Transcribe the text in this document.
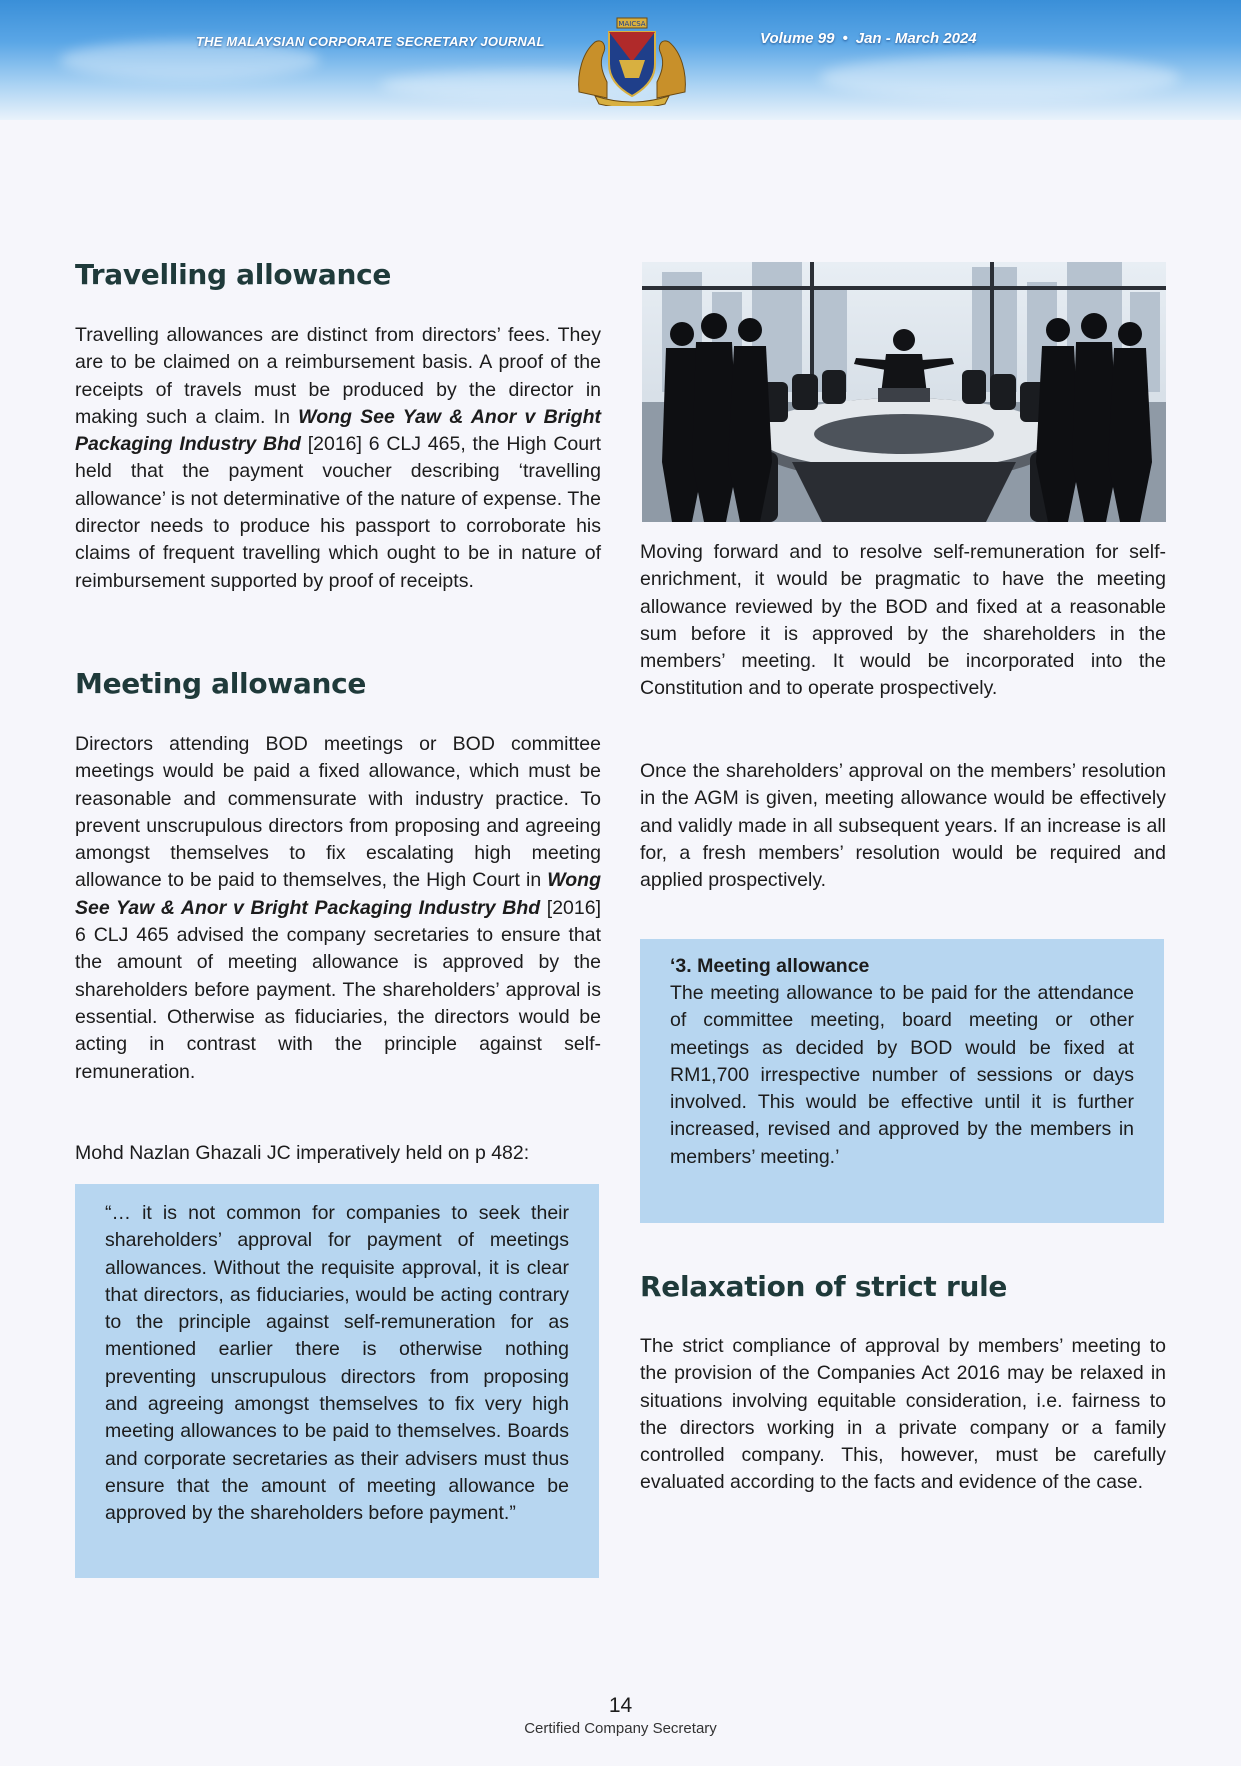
THE MALAYSIAN CORPORATE SECRETARY JOURNAL	Volume 99 • Jan - March 2024
MAICSA
Travelling allowance

Travelling allowances are distinct from directors’ fees. They are to be claimed on a reimbursement basis. A proof of the receipts of travels must be produced by the director in making such a claim. In Wong See Yaw & Anor v Bright Packaging Industry Bhd [2016] 6 CLJ 465, the High Court held that the payment voucher describing ‘travelling allowance’ is not determinative of the nature of expense. The director needs to produce his passport to corroborate his claims of frequent travelling which ought to be in nature of reimbursement supported by proof of receipts.

Meeting allowance

Directors attending BOD meetings or BOD committee meetings would be paid a fixed allowance, which must be reasonable and commensurate with industry practice. To prevent unscrupulous directors from proposing and agreeing amongst themselves to fix escalating high meeting allowance to be paid to themselves, the High Court in Wong See Yaw & Anor v Bright Packaging Industry Bhd [2016] 6 CLJ 465 advised the company secretaries to ensure that the amount of meeting allowance is approved by the shareholders before payment. The shareholders’ approval is essential. Otherwise as fiduciaries, the directors would be acting in contrast with the principle against self-remuneration.

Mohd Nazlan Ghazali JC imperatively held on p 482:

“… it is not common for companies to seek their shareholders’ approval for payment of meetings allowances. Without the requisite approval, it is clear that directors, as fiduciaries, would be acting contrary to the principle against self-remuneration for as mentioned earlier there is otherwise nothing preventing unscrupulous directors from proposing and agreeing amongst themselves to fix very high meeting allowances to be paid to themselves. Boards and corporate secretaries as their advisers must thus ensure that the amount of meeting allowance be approved by the shareholders before payment.”

Moving forward and to resolve self-remuneration for self-enrichment, it would be pragmatic to have the meeting allowance reviewed by the BOD and fixed at a reasonable sum before it is approved by the shareholders in the members’ meeting. It would be incorporated into the Constitution and to operate prospectively.

Once the shareholders’ approval on the members’ resolution in the AGM is given, meeting allowance would be effectively and validly made in all subsequent years. If an increase is all for, a fresh members’ resolution would be required and applied prospectively.

‘3. Meeting allowance

The meeting allowance to be paid for the attendance of committee meeting, board meeting or other meetings as decided by BOD would be fixed at RM1,700 irrespective number of sessions or days involved. This would be effective until it is further increased, revised and approved by the members in members’ meeting.’

Relaxation of strict rule

The strict compliance of approval by members’ meeting to the provision of the Companies Act 2016 may be relaxed in situations involving equitable consideration, i.e. fairness to the directors working in a private company or a family controlled company. This, however, must be carefully evaluated according to the facts and evidence of the case.

14
Certified Company Secretary
